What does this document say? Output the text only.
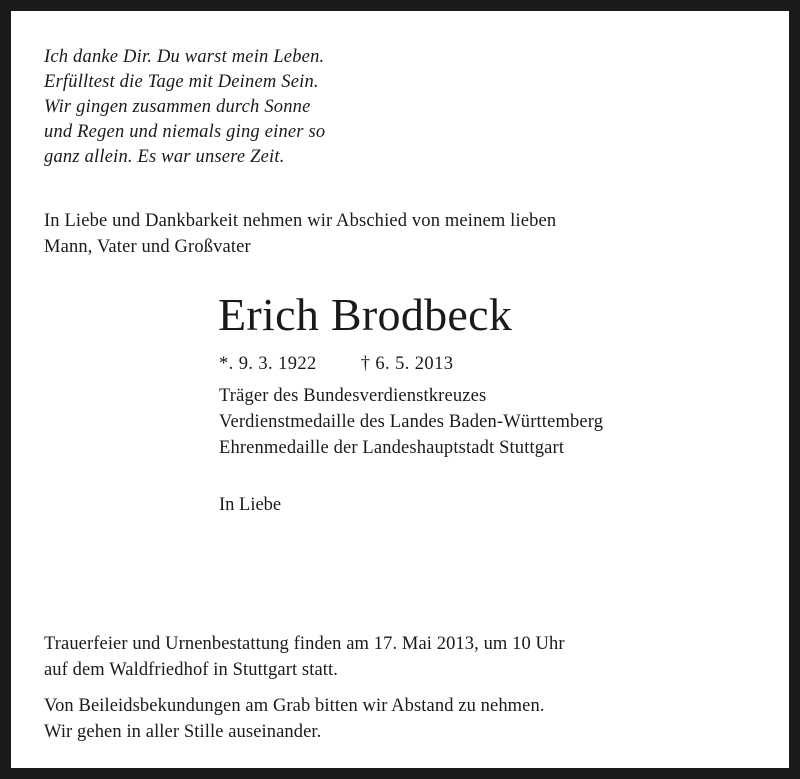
Ich danke Dir. Du warst mein Leben.
Erfülltest die Tage mit Deinem Sein.
Wir gingen zusammen durch Sonne
und Regen und niemals ging einer so
ganz allein. Es war unsere Zeit.
In Liebe und Dankbarkeit nehmen wir Abschied von meinem lieben
Mann, Vater und Großvater
Erich Brodbeck
*. 9. 3. 1922 † 6. 5. 2013
Träger des Bundesverdienstkreuzes
Verdienstmedaille des Landes Baden-Württemberg
Ehrenmedaille der Landeshauptstadt Stuttgart
In Liebe
Trauerfeier und Urnenbestattung finden am 17. Mai 2013, um 10 Uhr
auf dem Waldfriedhof in Stuttgart statt.
Von Beileidsbekundungen am Grab bitten wir Abstand zu nehmen.
Wir gehen in aller Stille auseinander.
